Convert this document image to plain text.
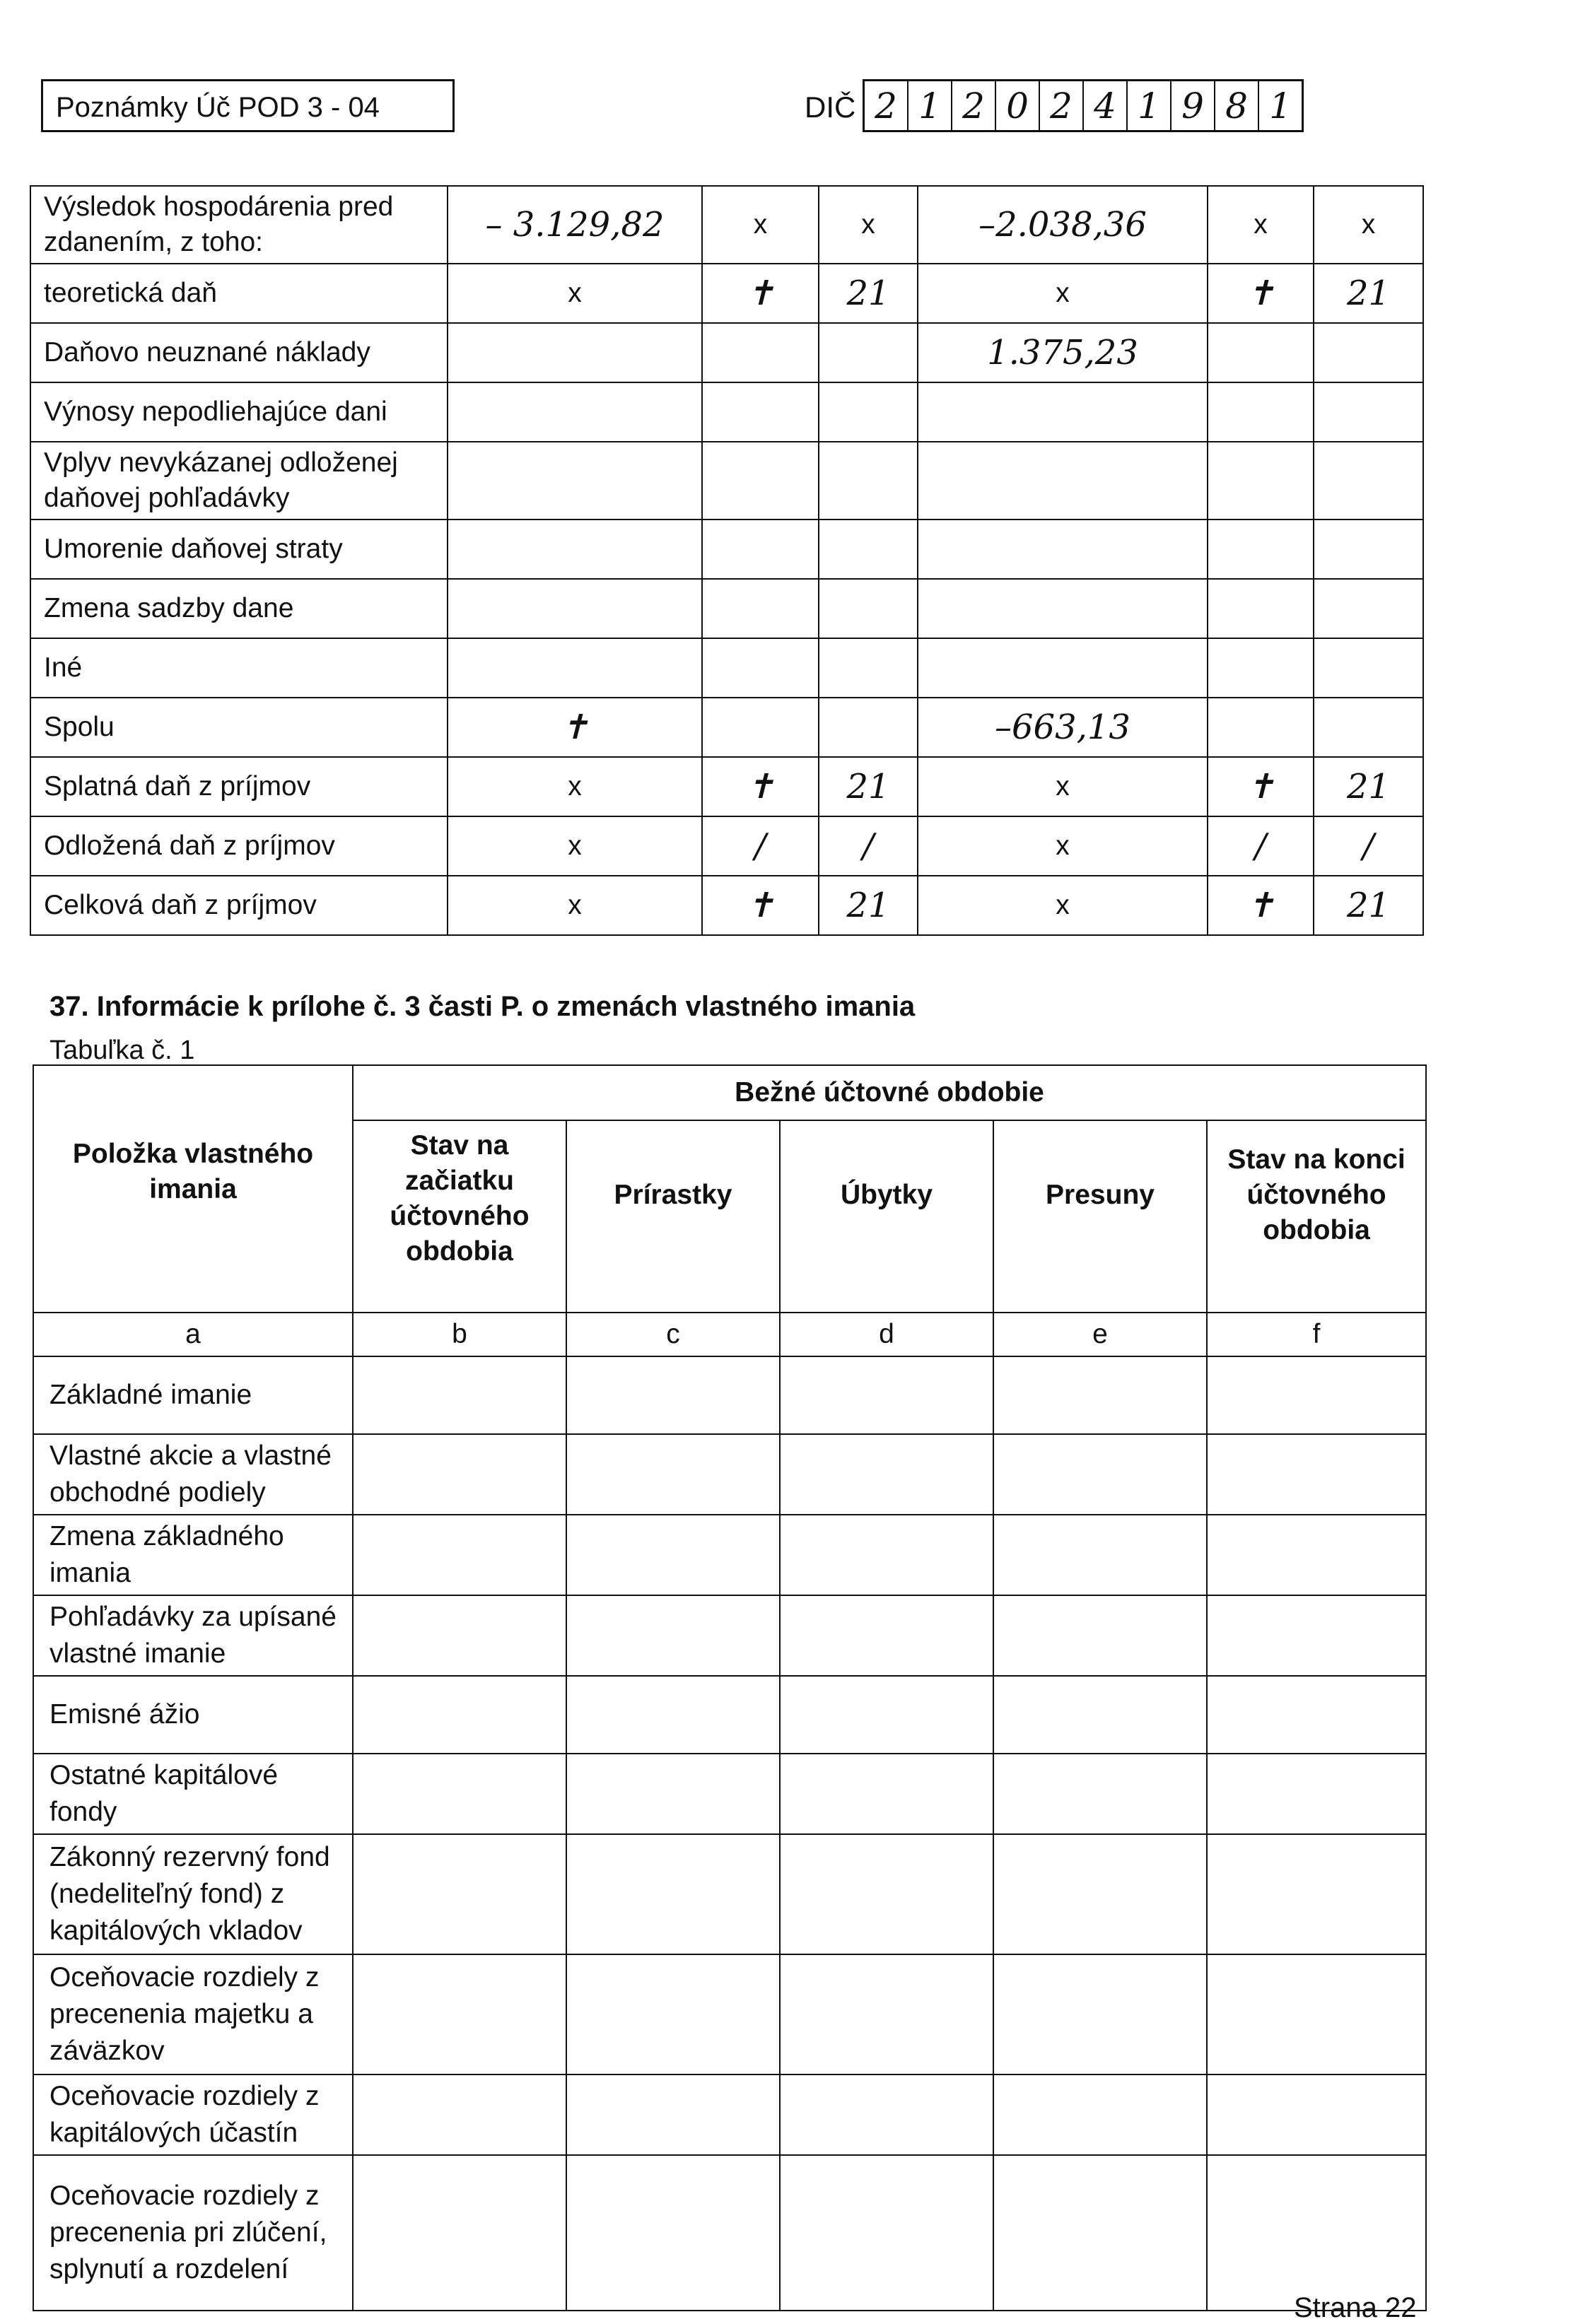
Poznámky Úč POD 3 - 04	DIČ 2 1 2 0 2 4 1 9 8 1
Výsledok hospodárenia pred zdanením, z toho:	– 3.129,82	x	x	–2.038,36	x	x
teoretická daň	x	✝	21	x	✝	21
Daňovo neuznané náklady				1.375,23		
Výnosy nepodliehajúce dani						
Vplyv nevykázanej odloženej daňovej pohľadávky						
Umorenie daňovej straty						
Zmena sadzby dane						
Iné						
Spolu	✝			–663,13		
Splatná daň z príjmov	x	✝	21	x	✝	21
Odložená daň z príjmov	x	/	/	x	/	/
Celková daň z príjmov	x	✝	21	x	✝	21
37. Informácie k prílohe č. 3 časti P. o zmenách vlastného imania
Tabuľka č. 1
Položka vlastného imania	Bežné účtovné obdobie				
	Stav na začiatku účtovného obdobia	Prírastky	Úbytky	Presuny	Stav na konci účtovného obdobia
a	b	c	d	e	f
Základné imanie					
Vlastné akcie a vlastné obchodné podiely					
Zmena základného imania					
Pohľadávky za upísané vlastné imanie					
Emisné ážio					
Ostatné kapitálové fondy					
Zákonný rezervný fond (nedeliteľný fond) z kapitálových vkladov					
Oceňovacie rozdiely z precenenia majetku a záväzkov					
Oceňovacie rozdiely z kapitálových účastín					
Oceňovacie rozdiely z precenenia pri zlúčení, splynutí a rozdelení					
Strana 22
